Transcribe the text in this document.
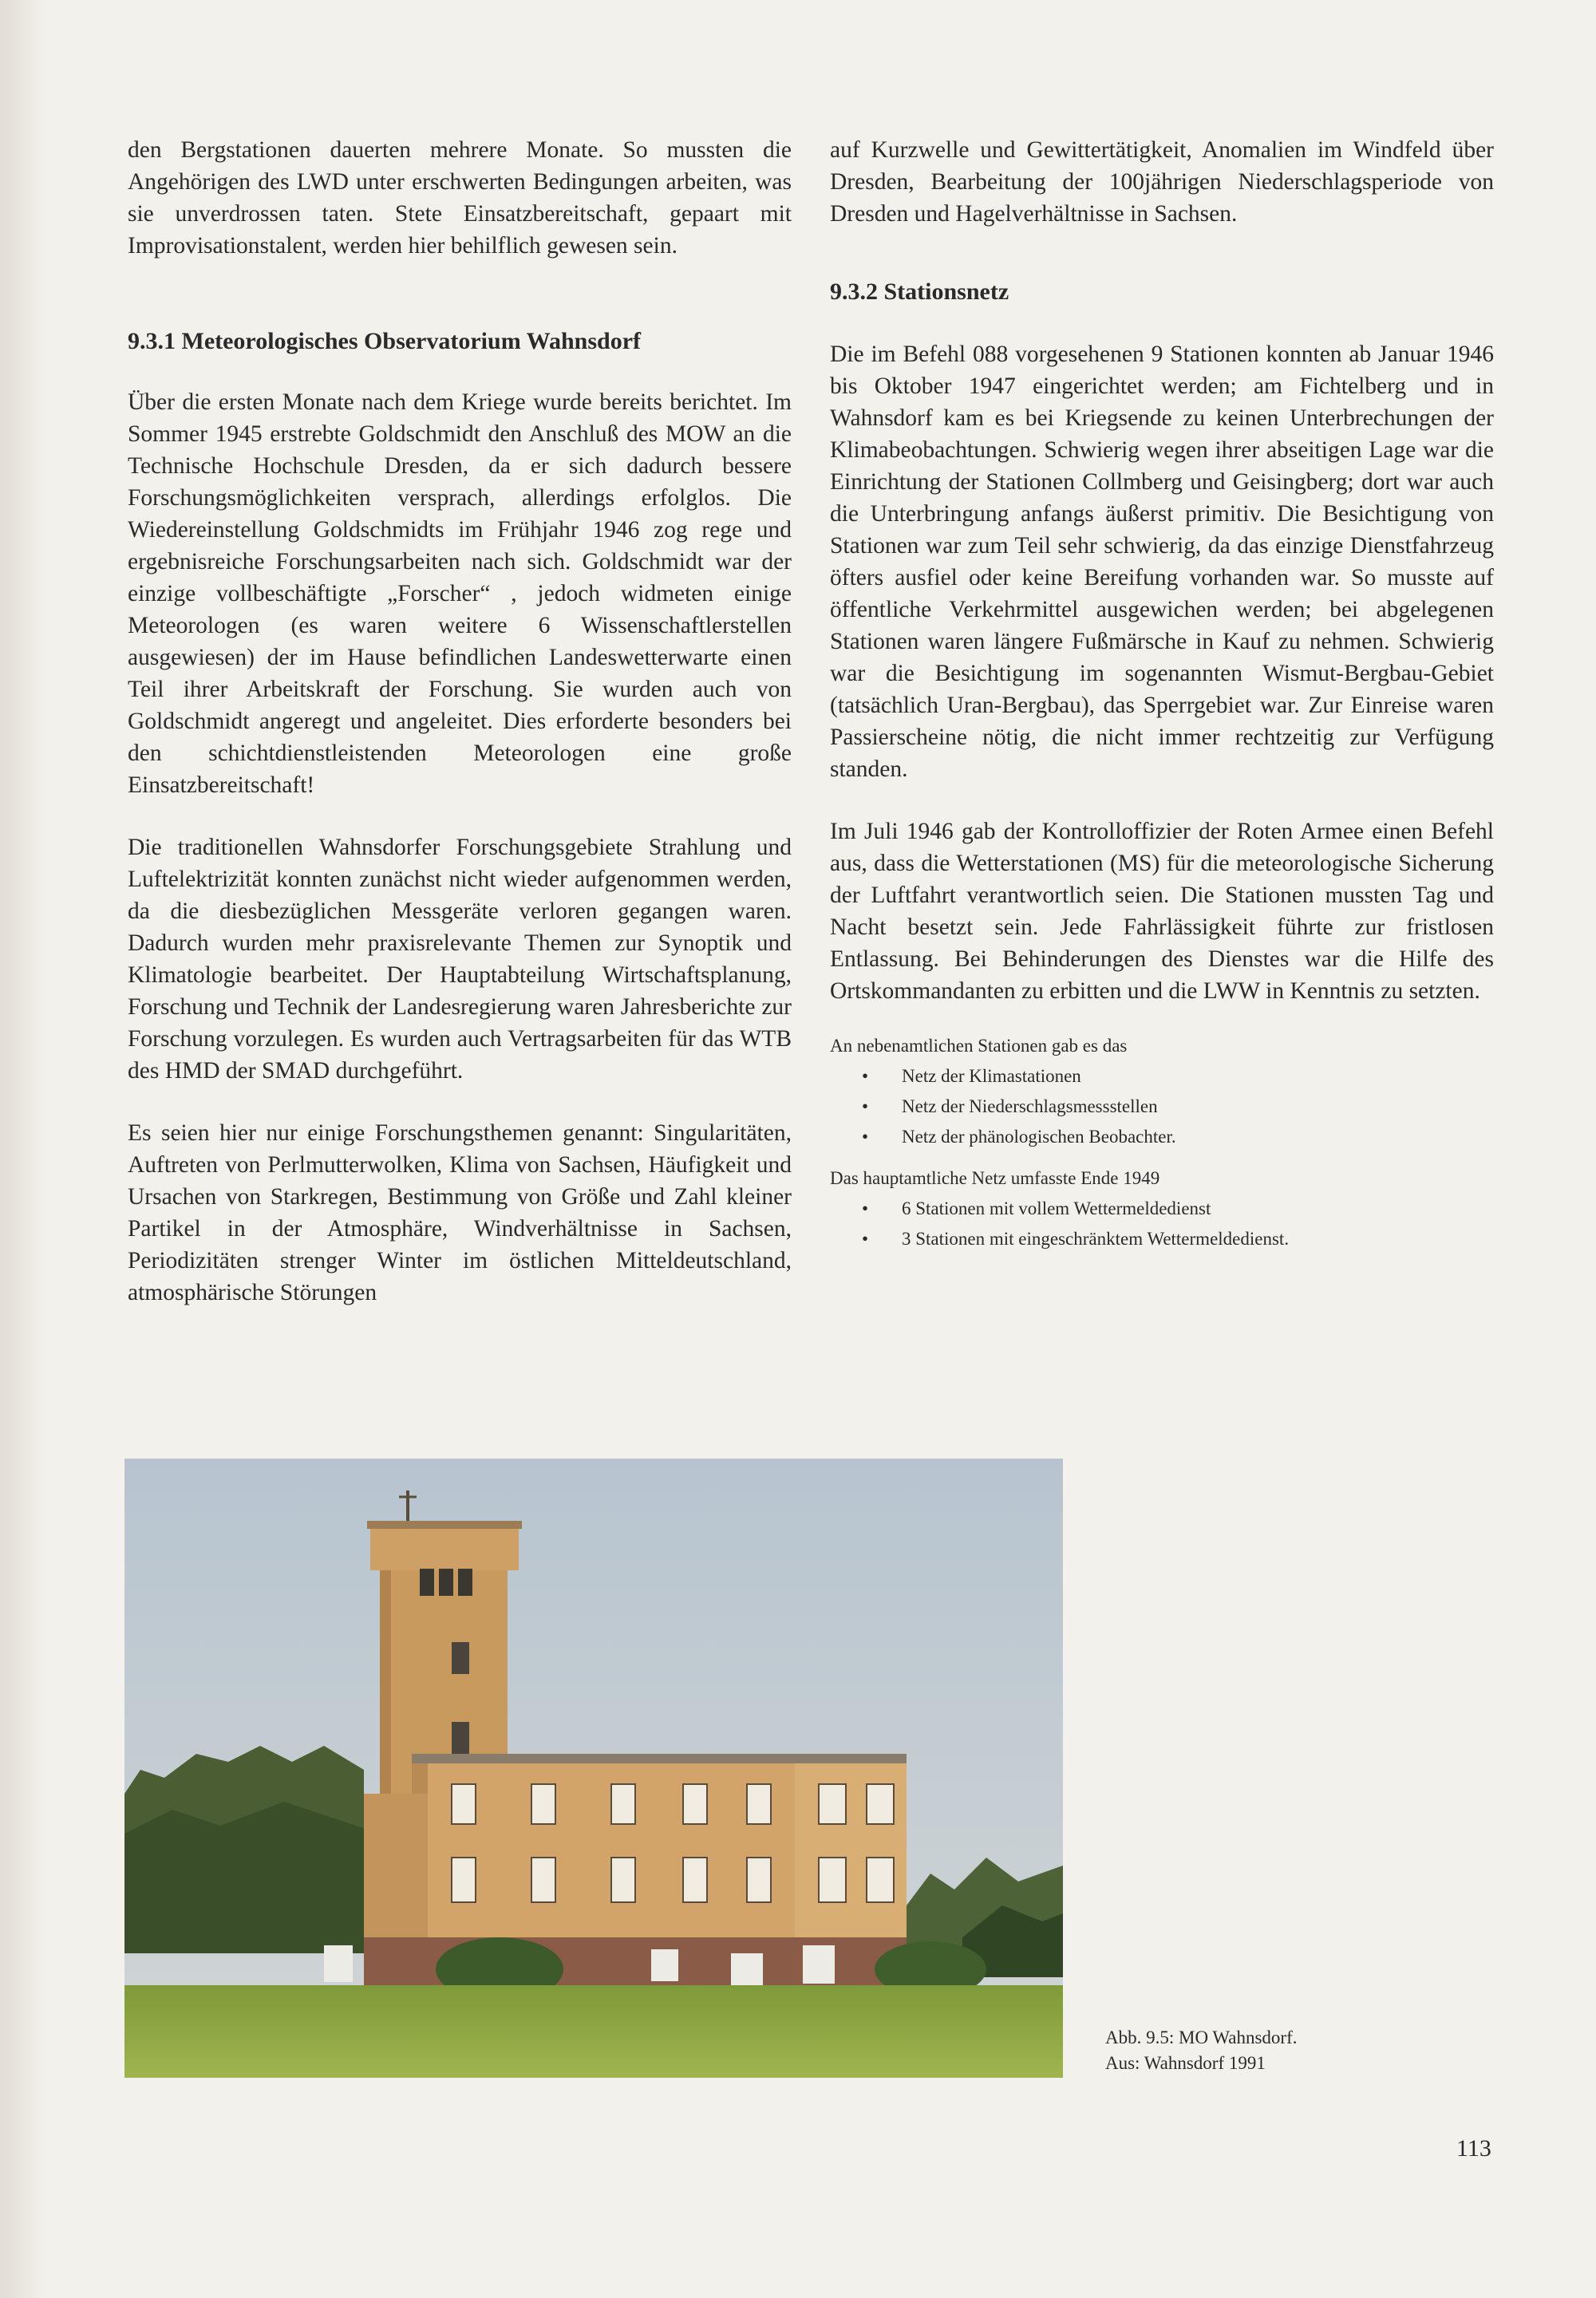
den Bergstationen dauerten mehrere Monate. So mussten die Angehörigen des LWD unter erschwerten Bedingungen arbeiten, was sie unverdrossen taten. Stete Einsatzbereitschaft, gepaart mit Improvisationstalent, werden hier behilflich gewesen sein.

9.3.1 Meteorologisches Observatorium Wahnsdorf

Über die ersten Monate nach dem Kriege wurde bereits berichtet. Im Sommer 1945 erstrebte Goldschmidt den Anschluß des MOW an die Technische Hochschule Dresden, da er sich dadurch bessere Forschungsmöglichkeiten versprach, allerdings erfolglos. Die Wiedereinstellung Goldschmidts im Frühjahr 1946 zog rege und ergebnisreiche Forschungsarbeiten nach sich. Goldschmidt war der einzige vollbeschäftigte „Forscher“ , jedoch widmeten einige Meteorologen (es waren weitere 6 Wissenschaftlerstellen ausgewiesen) der im Hause befindlichen Landeswetterwarte einen Teil ihrer Arbeitskraft der Forschung. Sie wurden auch von Goldschmidt angeregt und angeleitet. Dies erforderte besonders bei den schichtdienstleistenden Meteorologen eine große Einsatzbereitschaft!

Die traditionellen Wahnsdorfer Forschungsgebiete Strahlung und Luftelektrizität konnten zunächst nicht wieder aufgenommen werden, da die diesbezüglichen Messgeräte verloren gegangen waren. Dadurch wurden mehr praxisrelevante Themen zur Synoptik und Klimatologie bearbeitet. Der Hauptabteilung Wirtschaftsplanung, Forschung und Technik der Landesregierung waren Jahresberichte zur Forschung vorzulegen. Es wurden auch Vertragsarbeiten für das WTB des HMD der SMAD durchgeführt.

Es seien hier nur einige Forschungsthemen genannt: Singularitäten, Auftreten von Perlmutterwolken, Klima von Sachsen, Häufigkeit und Ursachen von Starkregen, Bestimmung von Größe und Zahl kleiner Partikel in der Atmosphäre, Windverhältnisse in Sachsen, Periodizitäten strenger Winter im östlichen Mitteldeutschland, atmosphärische Störungen

auf Kurzwelle und Gewittertätigkeit, Anomalien im Windfeld über Dresden, Bearbeitung der 100jährigen Niederschlagsperiode von Dresden und Hagelverhältnisse in Sachsen.

9.3.2 Stationsnetz

Die im Befehl 088 vorgesehenen 9 Stationen konnten ab Januar 1946 bis Oktober 1947 eingerichtet werden; am Fichtelberg und in Wahnsdorf kam es bei Kriegsende zu keinen Unterbrechungen der Klimabeobachtungen. Schwierig wegen ihrer abseitigen Lage war die Einrichtung der Stationen Collmberg und Geisingberg; dort war auch die Unterbringung anfangs äußerst primitiv. Die Besichtigung von Stationen war zum Teil sehr schwierig, da das einzige Dienstfahrzeug öfters ausfiel oder keine Bereifung vorhanden war. So musste auf öffentliche Verkehrmittel ausgewichen werden; bei abgelegenen Stationen waren längere Fußmärsche in Kauf zu nehmen. Schwierig war die Besichtigung im sogenannten Wismut-Bergbau-Gebiet (tatsächlich Uran-Bergbau), das Sperrgebiet war. Zur Einreise waren Passierscheine nötig, die nicht immer rechtzeitig zur Verfügung standen.

Im Juli 1946 gab der Kontrolloffizier der Roten Armee einen Befehl aus, dass die Wetterstationen (MS) für die meteorologische Sicherung der Luftfahrt verantwortlich seien. Die Stationen mussten Tag und Nacht besetzt sein. Jede Fahrlässigkeit führte zur fristlosen Entlassung. Bei Behinderungen des Dienstes war die Hilfe des Ortskommandanten zu erbitten und die LWW in Kenntnis zu setzten.

An nebenamtlichen Stationen gab es das

• Netz der Klimastationen
• Netz der Niederschlagsmessstellen
• Netz der phänologischen Beobachter.

Das hauptamtliche Netz umfasste Ende 1949

• 6 Stationen mit vollem Wettermeldedienst
• 3 Stationen mit eingeschränktem Wettermeldedienst.
Abb. 9.5: MO Wahnsdorf.
Aus: Wahnsdorf 1991
113
